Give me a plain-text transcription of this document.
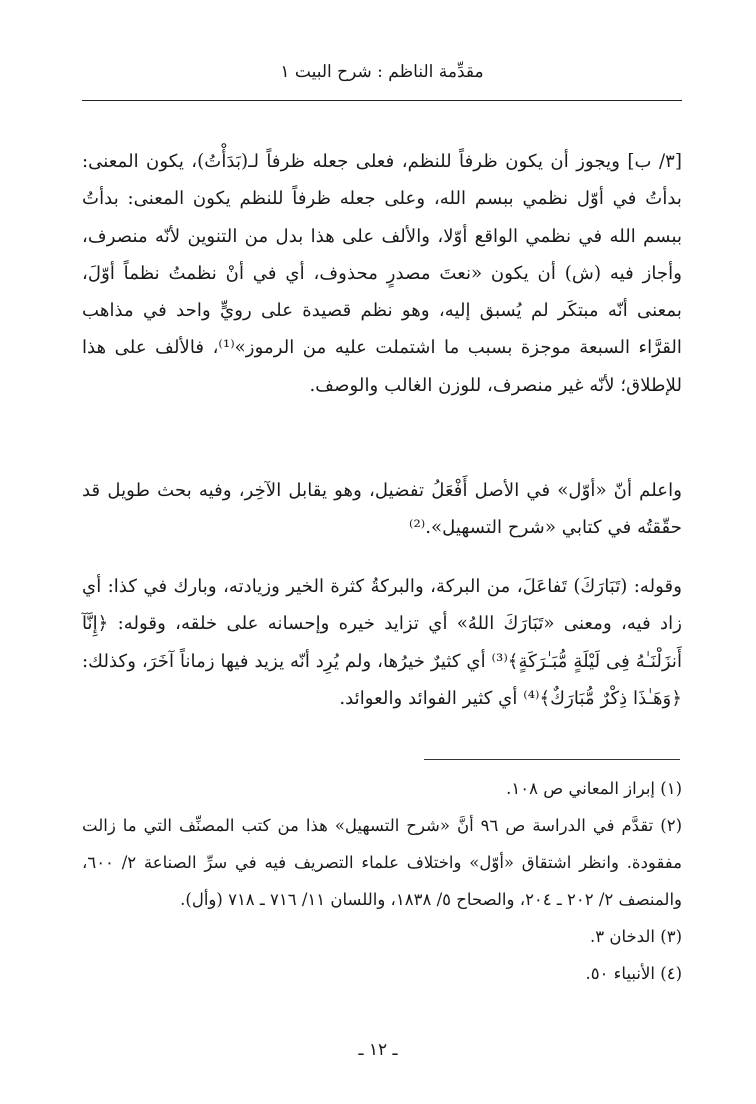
مقدِّمة الناظم : شرح البيت ١
[٣/ ب] ويجوز أن يكون ظرفاً للنظم، فعلى جعله ظرفاً لـ(بَدَأْتُ)، يكون المعنى: بدأتُ في أوّل نظمي ببسم الله، وعلى جعله ظرفاً للنظم يكون المعنى: بدأتُ ببسم الله في نظمي الواقع أوّلا، والألف على هذا بدل من التنوين لأنّه منصرف، وأجاز فيه (ش) أن يكون «نعتَ مصدرٍ محذوف، أي في أنْ نظمتُ نظماً أوّلَ، بمعنى أنّه مبتكَر لم يُسبق إليه، وهو نظم قصيدة على رويٍّ واحد في مذاهب القرَّاء السبعة موجزة بسبب ما اشتملت عليه من الرموز»⁽¹⁾، فالألف على هذا للإطلاق؛ لأنّه غير منصرف، للوزن الغالب والوصف.
واعلم أنّ «أوّل» في الأصل أَفْعَلُ تفضيل، وهو يقابل الآخِر، وفيه بحث طويل قد حقّقتُه في كتابي «شرح التسهيل».⁽²⁾
وقوله: (تَبَارَكَ) تَفاعَلَ، من البركة، والبركةُ كثرة الخير وزيادته، وبارك في كذا: أي زاد فيه، ومعنى «تَبَارَكَ اللهُ» أي تزايد خيره وإحسانه على خلقه، وقوله: ﴿إِنَّآ أَنزَلْنَـٰهُ فِى لَيْلَةٍ مُّبَـٰرَكَةٍ﴾⁽³⁾ أي كثيرٌ خيرُها، ولم يُرِد أنّه يزيد فيها زماناً آخَرَ، وكذلك: ﴿وَهَـٰذَا ذِكْرٌ مُّبَارَكٌ﴾⁽⁴⁾ أي كثير الفوائد والعوائد.

(١) إبراز المعاني ص ١٠٨.

(٢) تقدَّم في الدراسة ص ٩٦ أنَّ «شرح التسهيل» هذا من كتب المصنِّف التي ما زالت مفقودة. وانظر اشتقاق «أوّل» واختلاف علماء التصريف فيه في سرِّ الصناعة ٢/ ٦٠٠، والمنصف ٢/ ٢٠٢ ـ ٢٠٤، والصحاح ٥/ ١٨٣٨، واللسان ١١/ ٧١٦ ـ ٧١٨ (وأل).

(٣) الدخان ٣.

(٤) الأنبياء ٥٠.

ـ ١٢ ـ
